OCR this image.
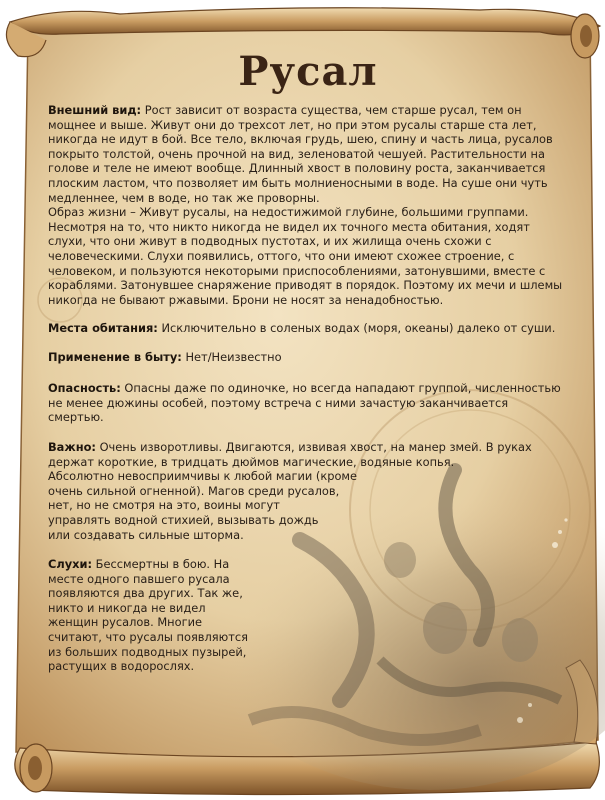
Русал

Внешний вид: Рост зависит от возраста существа, чем старше русал, тем он мощнее и выше. Живут они до трехсот лет, но при этом русалы старше ста лет, никогда не идут в бой. Все тело, включая грудь, шею, спину и часть лица, русалов покрыто толстой, очень прочной на вид, зеленоватой чешуей. Растительности на голове и теле не имеют вообще. Длинный хвост в половину роста, заканчивается плоским ластом, что позволяет им быть молниеносными в воде. На суше они чуть медленнее, чем в воде, но так же проворны.
Образ жизни – Живут русалы, на недостижимой глубине, большими группами. Несмотря на то, что никто никогда не видел их точного места обитания, ходят слухи, что они живут в подводных пустотах, и их жилища очень схожи с человеческими. Слухи появились, оттого, что они имеют схожее строение, с человеком, и пользуются некоторыми приспособлениями, затонувшими, вместе с кораблями. Затонувшее снаряжение приводят в порядок. Поэтому их мечи и шлемы никогда не бывают ржавыми. Брони не носят за ненадобностью.

Места обитания: Исключительно в соленых водах (моря, океаны) далеко от суши.

Применение в быту: Нет/Неизвестно

Опасность: Опасны даже по одиночке, но всегда нападают группой, численностью не менее дюжины особей, поэтому встреча с ними зачастую заканчивается смертью.

Важно: Очень изворотливы. Двигаются, извивая хвост, на манер змей. В руках держат короткие, в тридцать дюймов магические, водяные копья.
Абсолютно невосприимчивы к любой магии (кроме
очень сильной огненной). Магов среди русалов,
нет, но не смотря на это, воины могут
управлять водной стихией, вызывать дождь
или создавать сильные шторма.

Слухи: Бессмертны в бою. На месте одного павшего русала появляются два других. Так же, никто и никогда не видел женщин русалов. Многие считают, что русалы появляются из больших подводных пузырей, растущих в водорослях.
